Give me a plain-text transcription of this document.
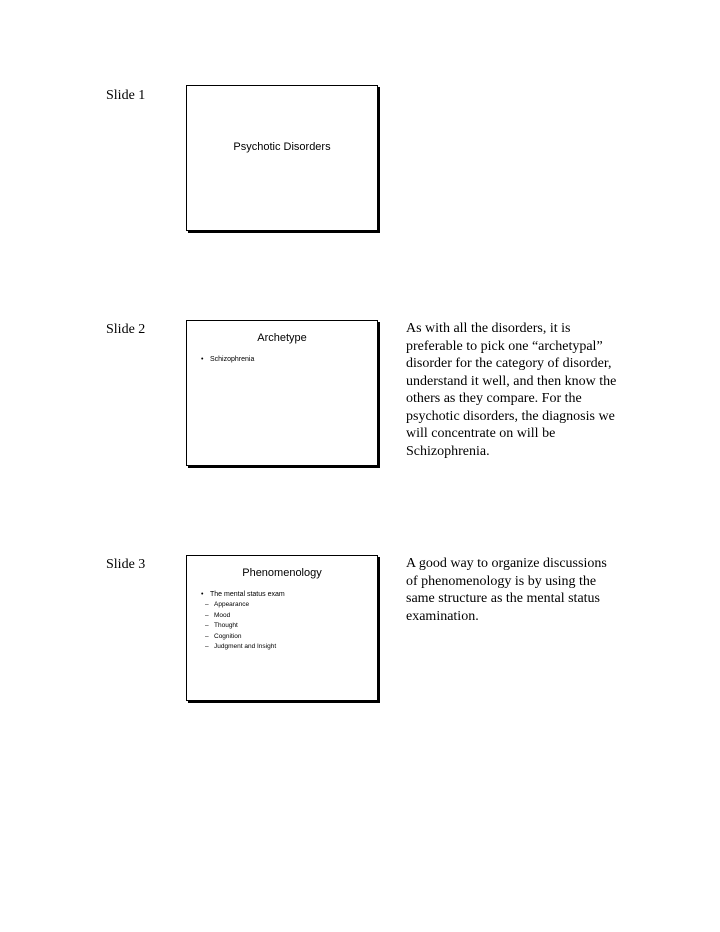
Slide 1
Psychotic Disorders
Slide 2
Archetype
• Schizophrenia
As with all the disorders, it is preferable to pick one “archetypal” disorder for the category of disorder, understand it well, and then know the others as they compare. For the psychotic disorders, the diagnosis we will concentrate on will be Schizophrenia.
Slide 3
Phenomenology
• The mental status exam
– Appearance
– Mood
– Thought
– Cognition
– Judgment and Insight
A good way to organize discussions of phenomenology is by using the same structure as the mental status examination.
